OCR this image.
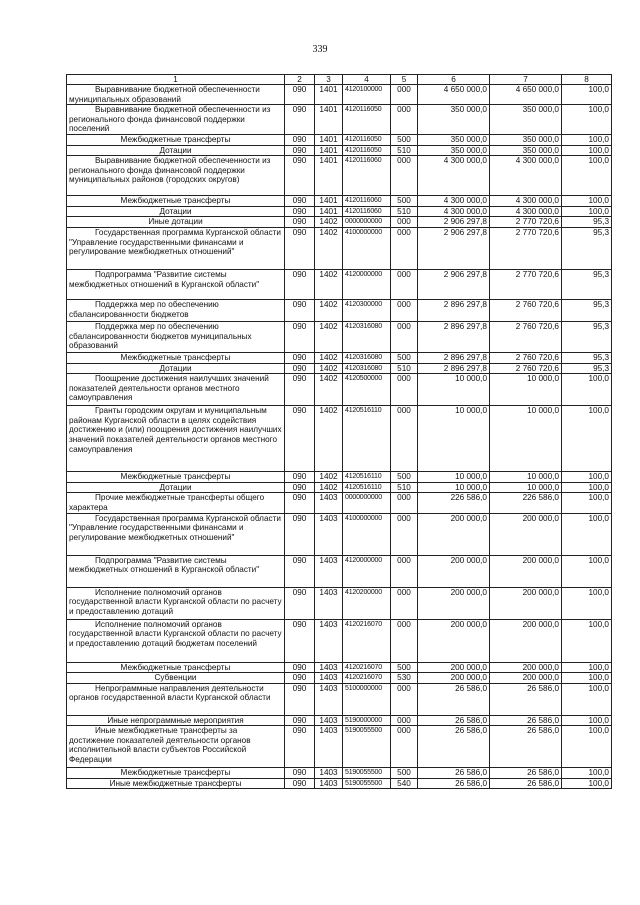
339
1	2	3	4	5	6	7	8
Выравнивание бюджетной обеспеченности муниципальных образований	090	1401	4120100000	000	4 650 000,0	4 650 000,0	100,0
Выравнивание бюджетной обеспеченности из регионального фонда финансовой поддержки поселений	090	1401	4120116050	000	350 000,0	350 000,0	100,0
Межбюджетные трансферты	090	1401	4120116050	500	350 000,0	350 000,0	100,0
Дотации	090	1401	4120116050	510	350 000,0	350 000,0	100,0
Выравнивание бюджетной обеспеченности из регионального фонда финансовой поддержки муниципальных районов (городских округов)	090	1401	4120116060	000	4 300 000,0	4 300 000,0	100,0
Межбюджетные трансферты	090	1401	4120116060	500	4 300 000,0	4 300 000,0	100,0
Дотации	090	1401	4120116060	510	4 300 000,0	4 300 000,0	100,0
Иные дотации	090	1402	0000000000	000	2 906 297,8	2 770 720,6	95,3
Государственная программа Курганской области "Управление государственными финансами и регулирование межбюджетных отношений"	090	1402	4100000000	000	2 906 297,8	2 770 720,6	95,3
Подпрограмма "Развитие системы межбюджетных отношений в Курганской области"	090	1402	4120000000	000	2 906 297,8	2 770 720,6	95,3
Поддержка мер по обеспечению сбалансированности бюджетов	090	1402	4120300000	000	2 896 297,8	2 760 720,6	95,3
Поддержка мер по обеспечению сбалансированности бюджетов муниципальных образований	090	1402	4120316080	000	2 896 297,8	2 760 720,6	95,3
Межбюджетные трансферты	090	1402	4120316080	500	2 896 297,8	2 760 720,6	95,3
Дотации	090	1402	4120316080	510	2 896 297,8	2 760 720,6	95,3
Поощрение достижения наилучших значений показателей деятельности органов местного самоуправления	090	1402	4120500000	000	10 000,0	10 000,0	100,0
Гранты городским округам и муниципальным районам Курганской области в целях содействия достижению и (или) поощрения достижения наилучших значений показателей деятельности органов местного самоуправления	090	1402	4120516110	000	10 000,0	10 000,0	100,0
Межбюджетные трансферты	090	1402	4120516110	500	10 000,0	10 000,0	100,0
Дотации	090	1402	4120516110	510	10 000,0	10 000,0	100,0
Прочие межбюджетные трансферты общего характера	090	1403	0000000000	000	226 586,0	226 586,0	100,0
Государственная программа Курганской области "Управление государственными финансами и регулирование межбюджетных отношений"	090	1403	4100000000	000	200 000,0	200 000,0	100,0
Подпрограмма "Развитие системы межбюджетных отношений в Курганской области"	090	1403	4120000000	000	200 000,0	200 000,0	100,0
Исполнение полномочий органов государственной власти Курганской области по расчету и предоставлению дотаций	090	1403	4120200000	000	200 000,0	200 000,0	100,0
Исполнение полномочий органов государственной власти Курганской области по расчету и предоставлению дотаций бюджетам поселений	090	1403	4120216070	000	200 000,0	200 000,0	100,0
Межбюджетные трансферты	090	1403	4120216070	500	200 000,0	200 000,0	100,0
Субвенции	090	1403	4120216070	530	200 000,0	200 000,0	100,0
Непрограммные направления деятельности органов государственной власти Курганской области	090	1403	5100000000	000	26 586,0	26 586,0	100,0
Иные непрограммные мероприятия	090	1403	5190000000	000	26 586,0	26 586,0	100,0
Иные межбюджетные трансферты за достижение показателей деятельности органов исполнительной власти субъектов Российской Федерации	090	1403	5190055500	000	26 586,0	26 586,0	100,0
Межбюджетные трансферты	090	1403	5190055500	500	26 586,0	26 586,0	100,0
Иные межбюджетные трансферты	090	1403	5190055500	540	26 586,0	26 586,0	100,0
